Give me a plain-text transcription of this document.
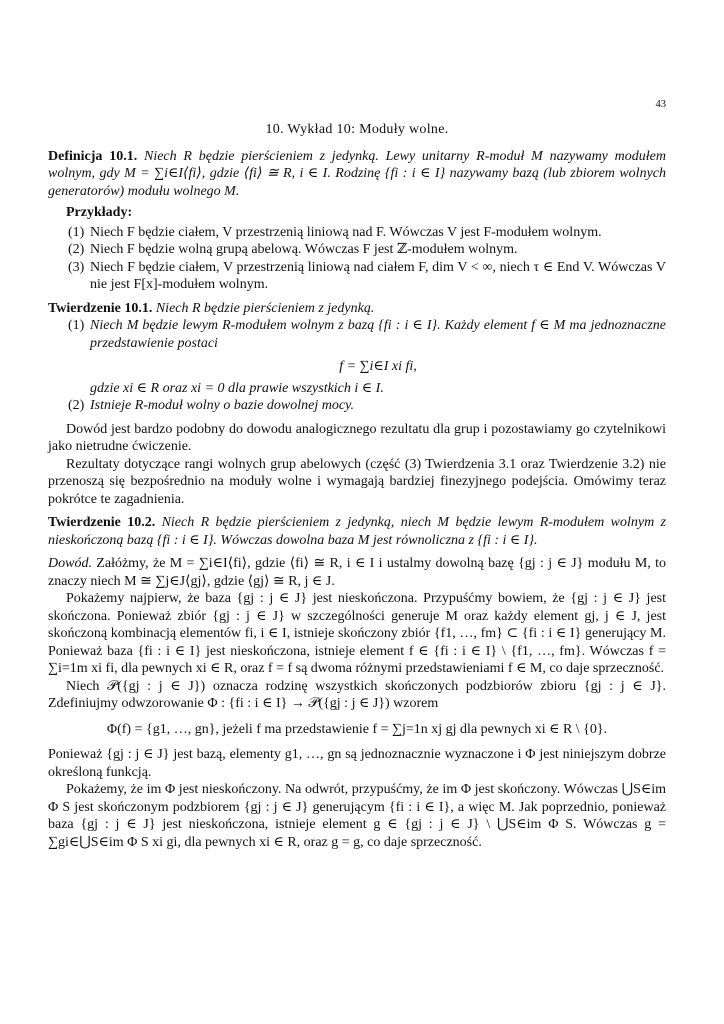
43
10. Wykład 10: Moduły wolne.

Definicja 10.1. Niech R będzie pierścieniem z jedynką. Lewy unitarny R-moduł M nazywamy modułem wolnym, gdy M = ∑i∈I⟨fi⟩, gdzie ⟨fi⟩ ≅ R, i ∈ I. Rodzinę {fi : i ∈ I} nazywamy bazą (lub zbiorem wolnych generatorów) modułu wolnego M.

Przykłady:
(1) Niech F będzie ciałem, V przestrzenią liniową nad F. Wówczas V jest F-modułem wolnym.
(2) Niech F będzie wolną grupą abelową. Wówczas F jest ℤ-modułem wolnym.
(3) Niech F będzie ciałem, V przestrzenią liniową nad ciałem F, dim V < ∞, niech τ ∈ End V. Wówczas V nie jest F[x]-modułem wolnym.

Twierdzenie 10.1. Niech R będzie pierścieniem z jedynką.

(1) Niech M będzie lewym R-modułem wolnym z bazą {fi : i ∈ I}. Każdy element f ∈ M ma jednoznaczne przedstawienie postaci
f = ∑i∈I xi fi,
gdzie xi ∈ R oraz xi = 0 dla prawie wszystkich i ∈ I.
(2) Istnieje R-moduł wolny o bazie dowolnej mocy.

Dowód jest bardzo podobny do dowodu analogicznego rezultatu dla grup i pozostawiamy go czytelnikowi jako nietrudne ćwiczenie.

Rezultaty dotyczące rangi wolnych grup abelowych (część (3) Twierdzenia 3.1 oraz Twierdzenie 3.2) nie przenoszą się bezpośrednio na moduły wolne i wymagają bardziej finezyjnego podejścia. Omówimy teraz pokrótce te zagadnienia.

Twierdzenie 10.2. Niech R będzie pierścieniem z jedynką, niech M będzie lewym R-modułem wolnym z nieskończoną bazą {fi : i ∈ I}. Wówczas dowolna baza M jest równoliczna z {fi : i ∈ I}.

Dowód. Załóżmy, że M = ∑i∈I⟨fi⟩, gdzie ⟨fi⟩ ≅ R, i ∈ I i ustalmy dowolną bazę {gj : j ∈ J} modułu M, to znaczy niech M ≅ ∑j∈J⟨gj⟩, gdzie ⟨gj⟩ ≅ R, j ∈ J.

Pokażemy najpierw, że baza {gj : j ∈ J} jest nieskończona. Przypuśćmy bowiem, że {gj : j ∈ J} jest skończona. Ponieważ zbiór {gj : j ∈ J} w szczególności generuje M oraz każdy element gj, j ∈ J, jest skończoną kombinacją elementów fi, i ∈ I, istnieje skończony zbiór {f1, …, fm} ⊂ {fi : i ∈ I} generujący M. Ponieważ baza {fi : i ∈ I} jest nieskończona, istnieje element f ∈ {fi : i ∈ I} \ {f1, …, fm}. Wówczas f = ∑i=1m xi fi, dla pewnych xi ∈ R, oraz f = f są dwoma różnymi przedstawieniami f ∈ M, co daje sprzeczność.

Niech 𝒫({gj : j ∈ J}) oznacza rodzinę wszystkich skończonych podzbiorów zbioru {gj : j ∈ J}. Zdefiniujmy odwzorowanie Φ : {fi : i ∈ I} → 𝒫({gj : j ∈ J}) wzorem

Φ(f) = {g1, …, gn}, jeżeli f ma przedstawienie f = ∑j=1n xj gj dla pewnych xi ∈ R \ {0}.

Ponieważ {gj : j ∈ J} jest bazą, elementy g1, …, gn są jednoznacznie wyznaczone i Φ jest niniejszym dobrze określoną funkcją.

Pokażemy, że im Φ jest nieskończony. Na odwrót, przypuśćmy, że im Φ jest skończony. Wówczas ⋃S∈im Φ S jest skończonym podzbiorem {gj : j ∈ J} generującym {fi : i ∈ I}, a więc M. Jak poprzednio, ponieważ baza {gj : j ∈ J} jest nieskończona, istnieje element g ∈ {gj : j ∈ J} \ ⋃S∈im Φ S. Wówczas g = ∑gi∈⋃S∈im Φ S xi gi, dla pewnych xi ∈ R, oraz g = g, co daje sprzeczność.
